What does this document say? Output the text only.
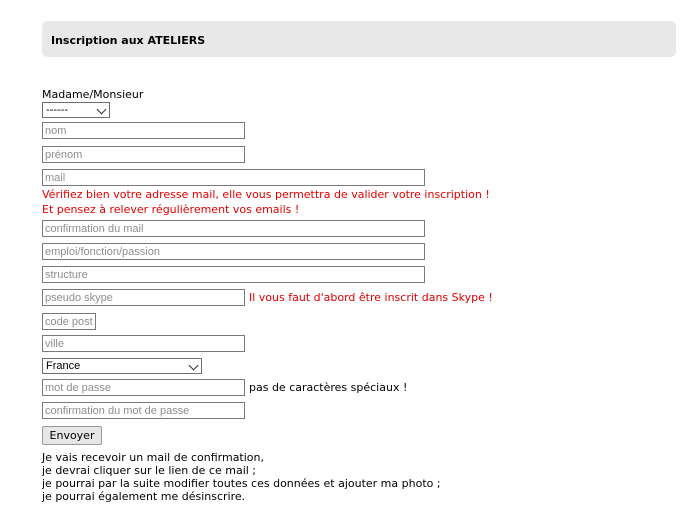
Inscription aux ATELIERS
Madame/Monsieur
------
nom
prénom
mail
Vérifiez bien votre adresse mail, elle vous permettra de valider votre inscription !
Et pensez à relever régulièrement vos emails !
confirmation du mail
emploi/fonction/passion
structure
pseudo skype	Il vous faut d'abord être inscrit dans Skype !
code post
ville
France
mot de passe	pas de caractères spéciaux !
confirmation du mot de passe
Envoyer
Je vais recevoir un mail de confirmation,
je devrai cliquer sur le lien de ce mail ;
je pourrai par la suite modifier toutes ces données et ajouter ma photo ;
je pourrai également me désinscrire.
